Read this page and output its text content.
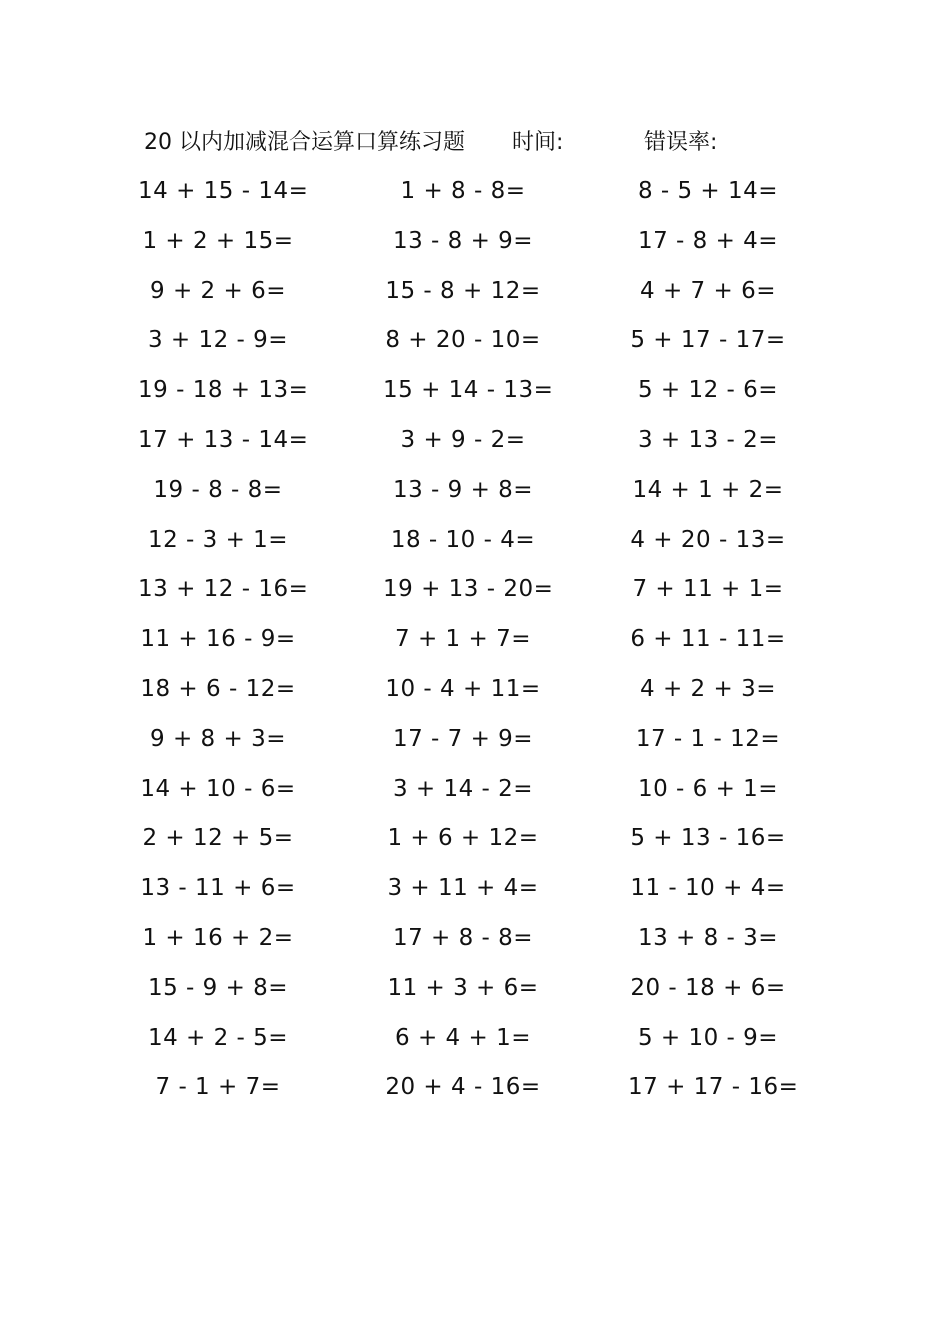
20 以内加减混合运算口算练习题 时间:	错误率:
14 + 15 - 14=	1 + 8 - 8=	8 - 5 + 14=
1 + 2 + 15=	13 - 8 + 9=	17 - 8 + 4=
9 + 2 + 6=	15 - 8 + 12=	4 + 7 + 6=
3 + 12 - 9=	8 + 20 - 10=	5 + 17 - 17=
19 - 18 + 13=	15 + 14 - 13=	5 + 12 - 6=
17 + 13 - 14=	3 + 9 - 2=	3 + 13 - 2=
19 - 8 - 8=	13 - 9 + 8=	14 + 1 + 2=
12 - 3 + 1=	18 - 10 - 4=	4 + 20 - 13=
13 + 12 - 16=	19 + 13 - 20=	7 + 11 + 1=
11 + 16 - 9=	7 + 1 + 7=	6 + 11 - 11=
18 + 6 - 12=	10 - 4 + 11=	4 + 2 + 3=
9 + 8 + 3=	17 - 7 + 9=	17 - 1 - 12=
14 + 10 - 6=	3 + 14 - 2=	10 - 6 + 1=
2 + 12 + 5=	1 + 6 + 12=	5 + 13 - 16=
13 - 11 + 6=	3 + 11 + 4=	11 - 10 + 4=
1 + 16 + 2=	17 + 8 - 8=	13 + 8 - 3=
15 - 9 + 8=	11 + 3 + 6=	20 - 18 + 6=
14 + 2 - 5=	6 + 4 + 1=	5 + 10 - 9=
7 - 1 + 7=	20 + 4 - 16=	17 + 17 - 16=
